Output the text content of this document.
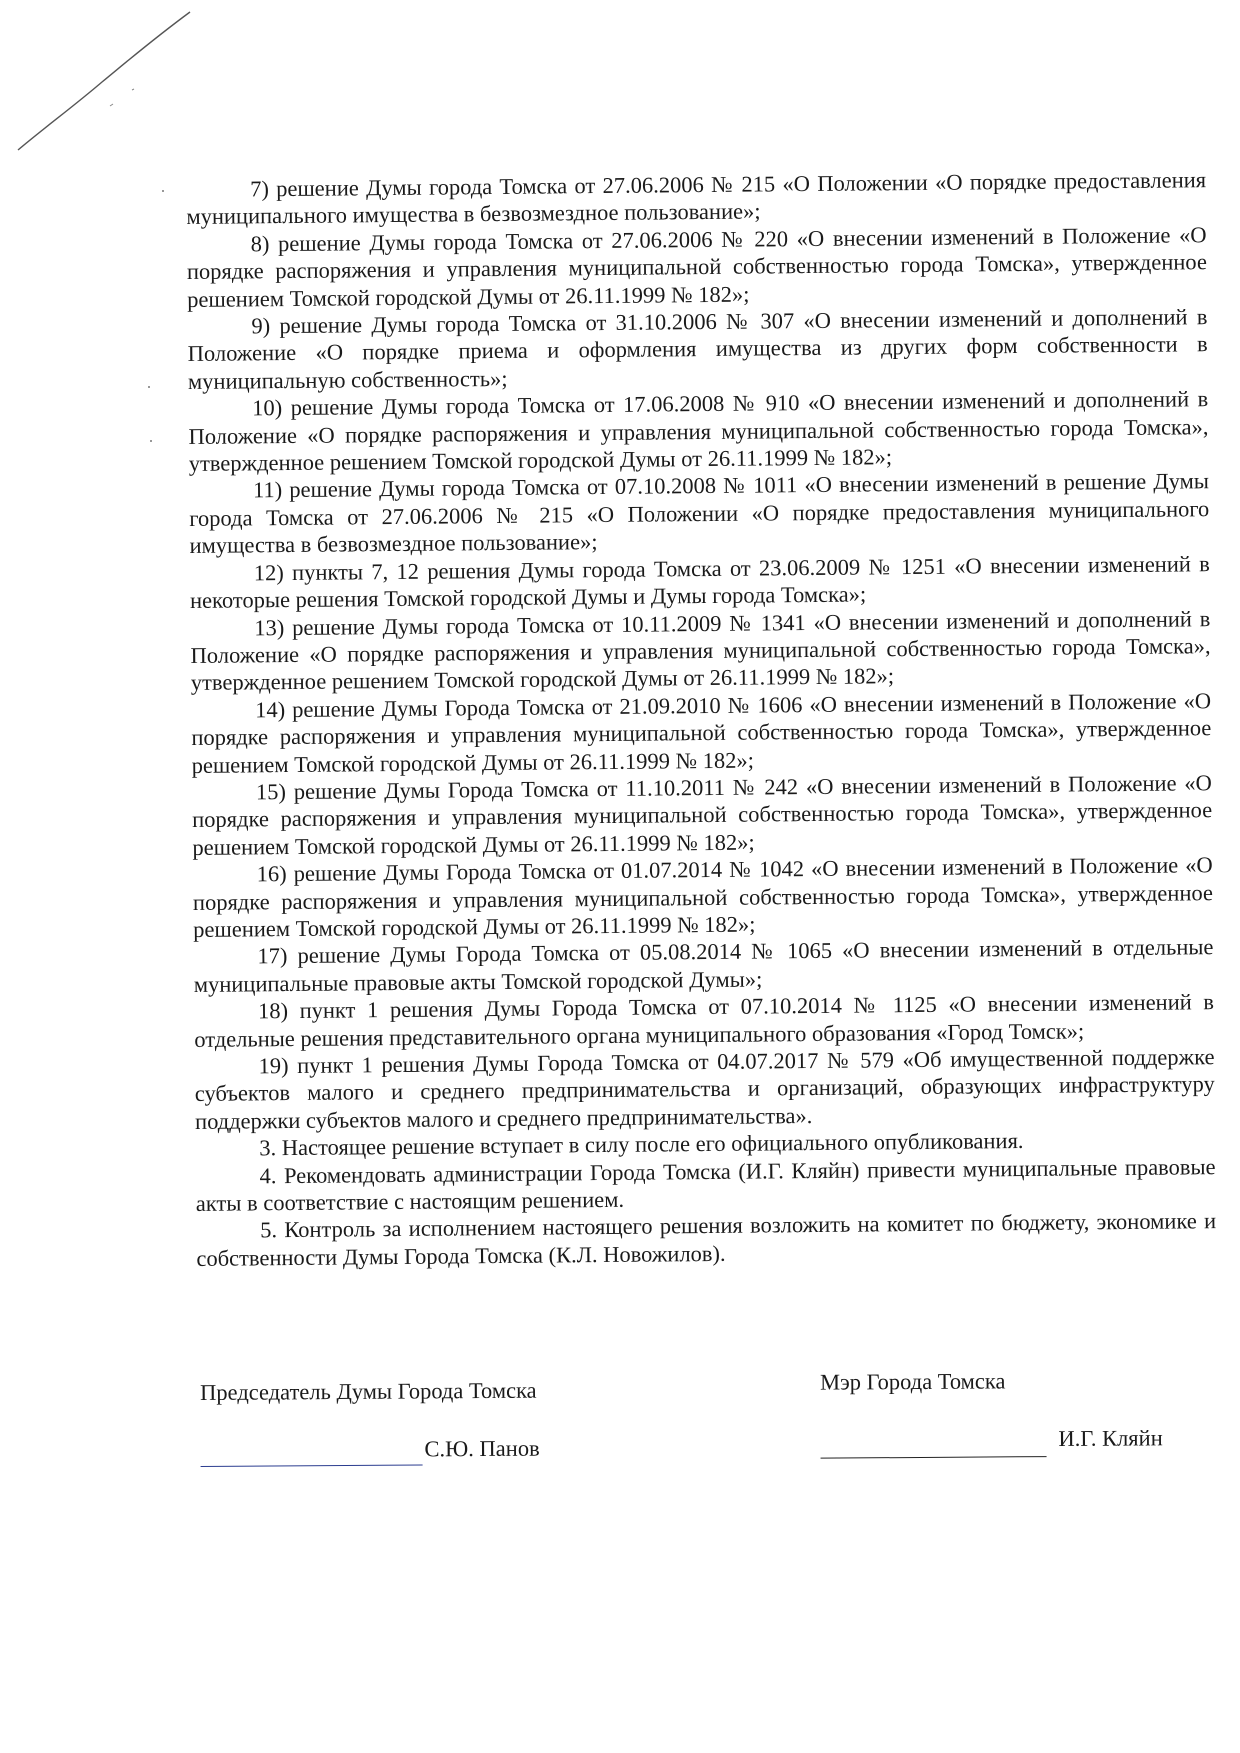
7) решение Думы города Томска от 27.06.2006 № 215 «О Положении «О порядке предоставления муниципального имущества в безвозмездное пользование»;

8) решение Думы города Томска от 27.06.2006 № 220 «О внесении изменений в Положение «О порядке распоряжения и управления муниципальной собственностью города Томска», утвержденное решением Томской городской Думы от 26.11.1999 № 182»;

9) решение Думы города Томска от 31.10.2006 № 307 «О внесении изменений и дополнений в Положение «О порядке приема и оформления имущества из других форм собственности в муниципальную собственность»;

10) решение Думы города Томска от 17.06.2008 № 910 «О внесении изменений и дополнений в Положение «О порядке распоряжения и управления муниципальной собственностью города Томска», утвержденное решением Томской городской Думы от 26.11.1999 № 182»;

11) решение Думы города Томска от 07.10.2008 № 1011 «О внесении изменений в решение Думы города Томска от 27.06.2006 № 215 «О Положении «О порядке предоставления муниципального имущества в безвозмездное пользование»;

12) пункты 7, 12 решения Думы города Томска от 23.06.2009 № 1251 «О внесении изменений в некоторые решения Томской городской Думы и Думы города Томска»;

13) решение Думы города Томска от 10.11.2009 № 1341 «О внесении изменений и дополнений в Положение «О порядке распоряжения и управления муниципальной собственностью города Томска», утвержденное решением Томской городской Думы от 26.11.1999 № 182»;

14) решение Думы Города Томска от 21.09.2010 № 1606 «О внесении изменений в Положение «О порядке распоряжения и управления муниципальной собственностью города Томска», утвержденное решением Томской городской Думы от 26.11.1999 № 182»;

15) решение Думы Города Томска от 11.10.2011 № 242 «О внесении изменений в Положение «О порядке распоряжения и управления муниципальной собственностью города Томска», утвержденное решением Томской городской Думы от 26.11.1999 № 182»;

16) решение Думы Города Томска от 01.07.2014 № 1042 «О внесении изменений в Положение «О порядке распоряжения и управления муниципальной собственностью города Томска», утвержденное решением Томской городской Думы от 26.11.1999 № 182»;

17) решение Думы Города Томска от 05.08.2014 № 1065 «О внесении изменений в отдельные муниципальные правовые акты Томской городской Думы»;

18) пункт 1 решения Думы Города Томска от 07.10.2014 № 1125 «О внесении изменений в отдельные решения представительного органа муниципального образования «Город Томск»;

19) пункт 1 решения Думы Города Томска от 04.07.2017 № 579 «Об имущественной поддержке субъектов малого и среднего предпринимательства и организаций, образующих инфраструктуру поддержки субъектов малого и среднего предпринимательства».

3. Настоящее решение вступает в силу после его официального опубликования.

4. Рекомендовать администрации Города Томска (И.Г. Кляйн) привести муниципальные правовые акты в соответствие с настоящим решением.

5. Контроль за исполнением настоящего решения возложить на комитет по бюджету, экономике и собственности Думы Города Томска (К.Л. Новожилов).

Председатель Думы Города Томска
С.Ю. Панов
Мэр Города Томска
И.Г. Кляйн
